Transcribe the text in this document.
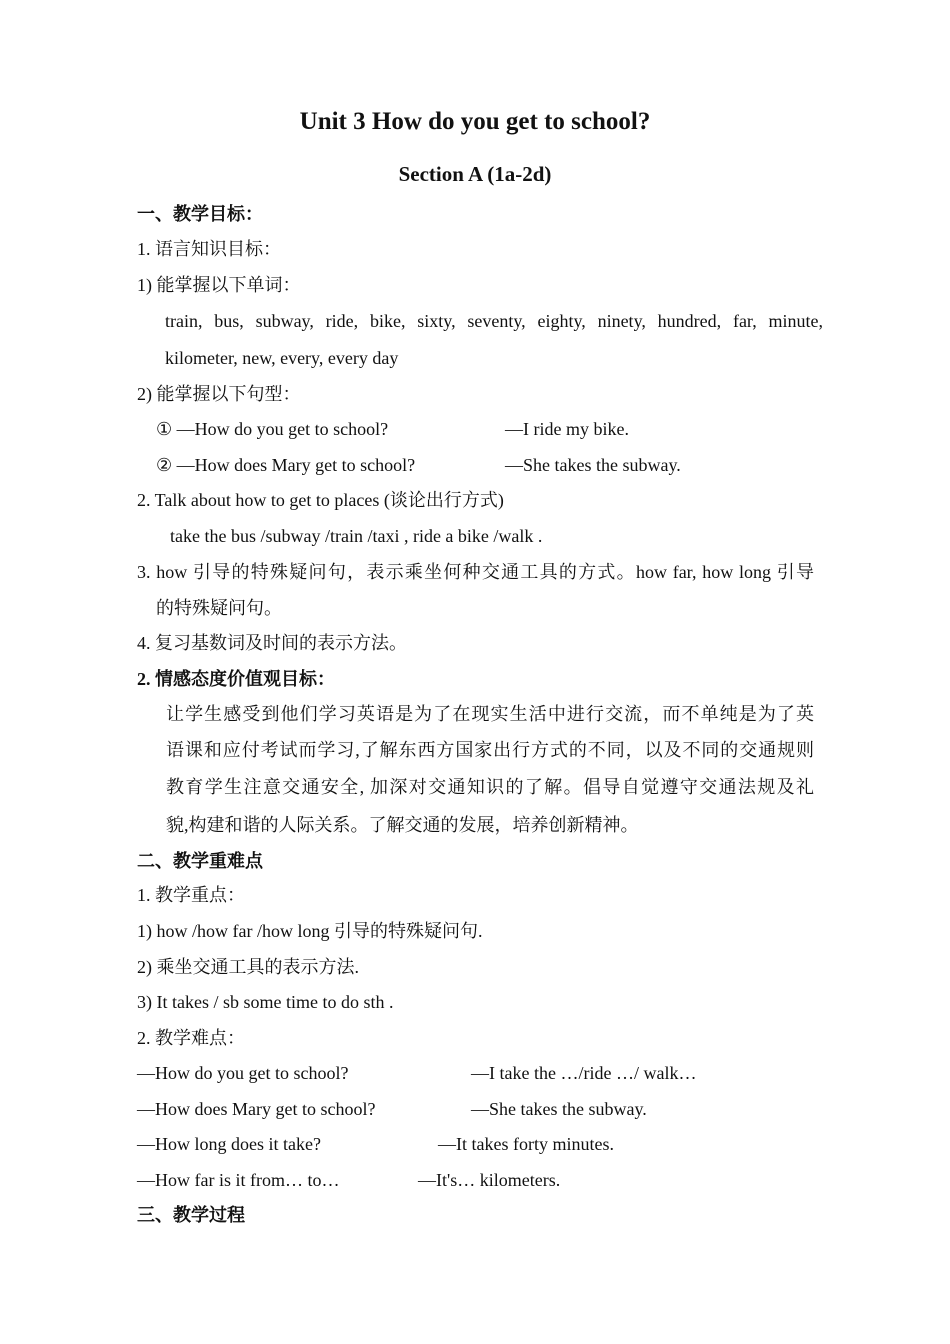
Unit 3 How do you get to school?
Section A (1a-2d)
一、教学目标：
1. 语言知识目标：
1) 能掌握以下单词：
train, bus, subway, ride, bike, sixty, seventy, eighty, ninety, hundred, far, minute,
kilometer, new, every, every day
2) 能掌握以下句型：
① —How do you get to school?	—I ride my bike.
② —How does Mary get to school?	—She takes the subway.
2. Talk about how to get to places (谈论出行方式)
take the bus /subway /train /taxi , ride a bike /walk .
3. how 引导的特殊疑问句，表示乘坐何种交通工具的方式。how far, how long 引导
的特殊疑问句。
4. 复习基数词及时间的表示方法。
2. 情感态度价值观目标：
让学生感受到他们学习英语是为了在现实生活中进行交流，而不单纯是为了英
语课和应付考试而学习,了解东西方国家出行方式的不同，以及不同的交通规则
教育学生注意交通安全, 加深对交通知识的了解。倡导自觉遵守交通法规及礼
貌,构建和谐的人际关系。了解交通的发展，培养创新精神。
二、教学重难点
1. 教学重点：
1) how /how far /how long 引导的特殊疑问句.
2) 乘坐交通工具的表示方法.
3) It takes / sb some time to do sth .
2. 教学难点：
—How do you get to school?	—I take the …/ride …/ walk…
—How does Mary get to school?	—She takes the subway.
—How long does it take?	—It takes forty minutes.
—How far is it from… to…	—It's… kilometers.
三、教学过程
